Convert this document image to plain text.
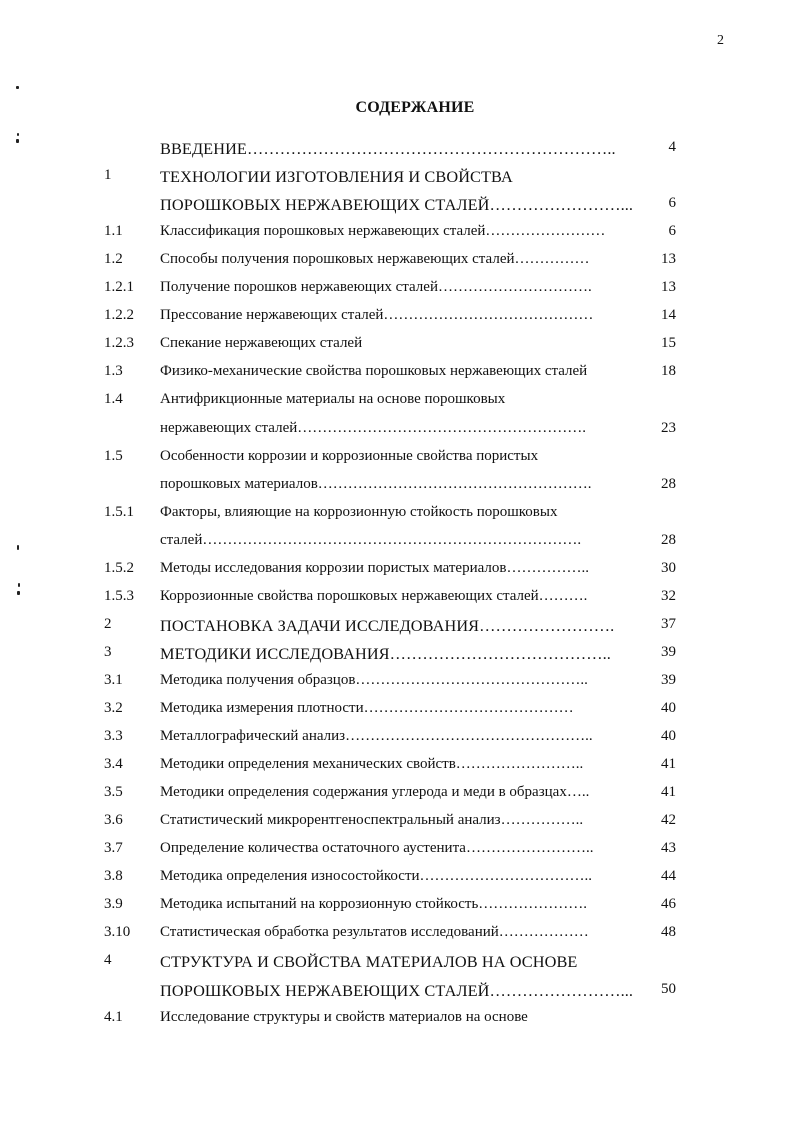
2
СОДЕРЖАНИЕ
ВВЕДЕНИЕ…………………………………………………………..	4
1	ТЕХНОЛОГИИ ИЗГОТОВЛЕНИЯ И СВОЙСТВА
ПОРОШКОВЫХ НЕРЖАВЕЮЩИХ СТАЛЕЙ……………………...	6
1.1 Классификация порошковых нержавеющих сталей……………………	6
1.2 Способы получения порошковых нержавеющих сталей……………	13
1.2.1 Получение порошков нержавеющих сталей………………………….	13
1.2.2 Прессование нержавеющих сталей……………………………………	14
1.2.3 Спекание нержавеющих сталей	15
1.3 Физико-механические свойства порошковых нержавеющих сталей	18
1.4 Антифрикционные материалы на основе порошковых
нержавеющих сталей………………………………………………….	23
1.5 Особенности коррозии и коррозионные свойства пористых
порошковых материалов……………………………………………….	28
1.5.1 Факторы, влияющие на коррозионную стойкость порошковых
сталей………………………………………………………………….	28
1.5.2 Методы исследования коррозии пористых материалов……………..	30
1.5.3 Коррозионные свойства порошковых нержавеющих сталей……….	32
2	ПОСТАНОВКА ЗАДАЧИ ИССЛЕДОВАНИЯ…………………….	37
3	МЕТОДИКИ ИССЛЕДОВАНИЯ…………………………………..	39
3.1 Методика получения образцов………………………………………..	39
3.2 Методика измерения плотности……………………………………	40
3.3 Металлографический анализ…………………………………………..	40
3.4 Методики определения механических свойств……………………..	41
3.5 Методики определения содержания углерода и меди в образцах…..	41
3.6 Статистический микрорентгеноспектральный анализ……………..	42
3.7 Определение количества остаточного аустенита……………………..	43
3.8 Методика определения износостойкости……………………………..	44
3.9 Методика испытаний на коррозионную стойкость………………….	46
3.10 Статистическая обработка результатов исследований………………	48
4	СТРУКТУРА И СВОЙСТВА МАТЕРИАЛОВ НА ОСНОВЕ
ПОРОШКОВЫХ НЕРЖАВЕЮЩИХ СТАЛЕЙ……………………...	50
4.1 Исследование структуры и свойств материалов на основе
